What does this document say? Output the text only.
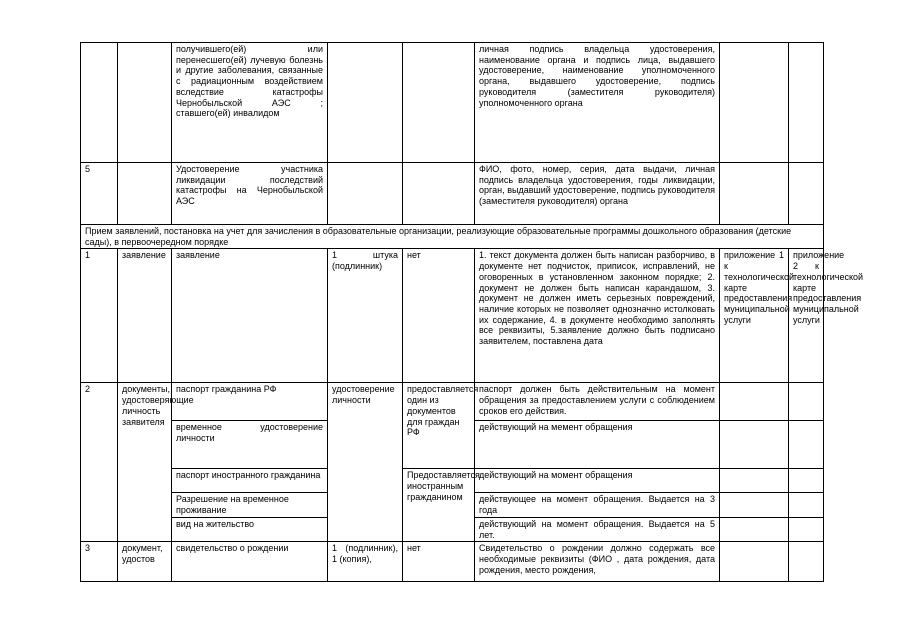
		получившего(ей) или перенесшего(ей) лучевую болезнь и другие заболевания, связанные с радиационным воздействием вследствие катастрофы Чернобыльской АЭС ; ставшего(ей) инвалидом			личная подпись владельца удостоверения, наименование органа и подпись лица, выдавшего удостоверение, наименование уполномоченного органа, выдавшего удостоверение, подпись руководителя (заместителя руководителя) уполномоченного органа		
5		Удостоверение участника ликвидации последствий катастрофы на Чернобыльской АЭС			ФИО, фото, номер, серия, дата выдачи, личная подпись владельца удостоверения, годы ликвидации, орган, выдавший удостоверение, подпись руководителя (заместителя руководителя) органа		
Прием заявлений, постановка на учет для зачисления в образовательные организации, реализующие образовательные программы дошкольного образования (детские сады), в первоочередном порядке							
1	заявление	заявление	1 штука (подлинник)	нет	1. текст документа должен быть написан разборчиво, в документе нет подчисток, приписок, исправлений, не оговоренных в установленном законном порядке; 2. документ не должен быть написан карандашом, 3. документ не должен иметь серьезных повреждений, наличие которых не позволяет однозначно истолковать их содержание, 4. в документе необходимо заполнять все реквизиты, 5.заявление должно быть подписано заявителем, поставлена дата	приложение 1 к технологической карте предоставления муниципальной услуги	приложение 2 к технологической карте предоставления муниципальной услуги
2	документы, удостоверяющие личность заявителя	паспорт гражданина РФ	удостоверение личности	предоставляется один из документов для граждан РФ	паспорт должен быть действительным на момент обращения за предоставлением услуги с соблюдением сроков его действия.		
		временное удостоверение личности			действующий на мемент обращения		
		паспорт иностранного гражданина		Предоставляется иностранным гражданином	действующий на момент обращения		
		Разрешение на временное проживание			действующее на момент обращения. Выдается на 3 года		
		вид на жительство			действующий на момент обращения. Выдается на 5 лет.		
3	документ, удостов	свидетельство о рождении	1 (подлинник), 1 (копия),	нет	Свидетельство о рождении должно содержать все необходимые реквизиты (ФИО , дата рождения, дата рождения, место рождения,		
